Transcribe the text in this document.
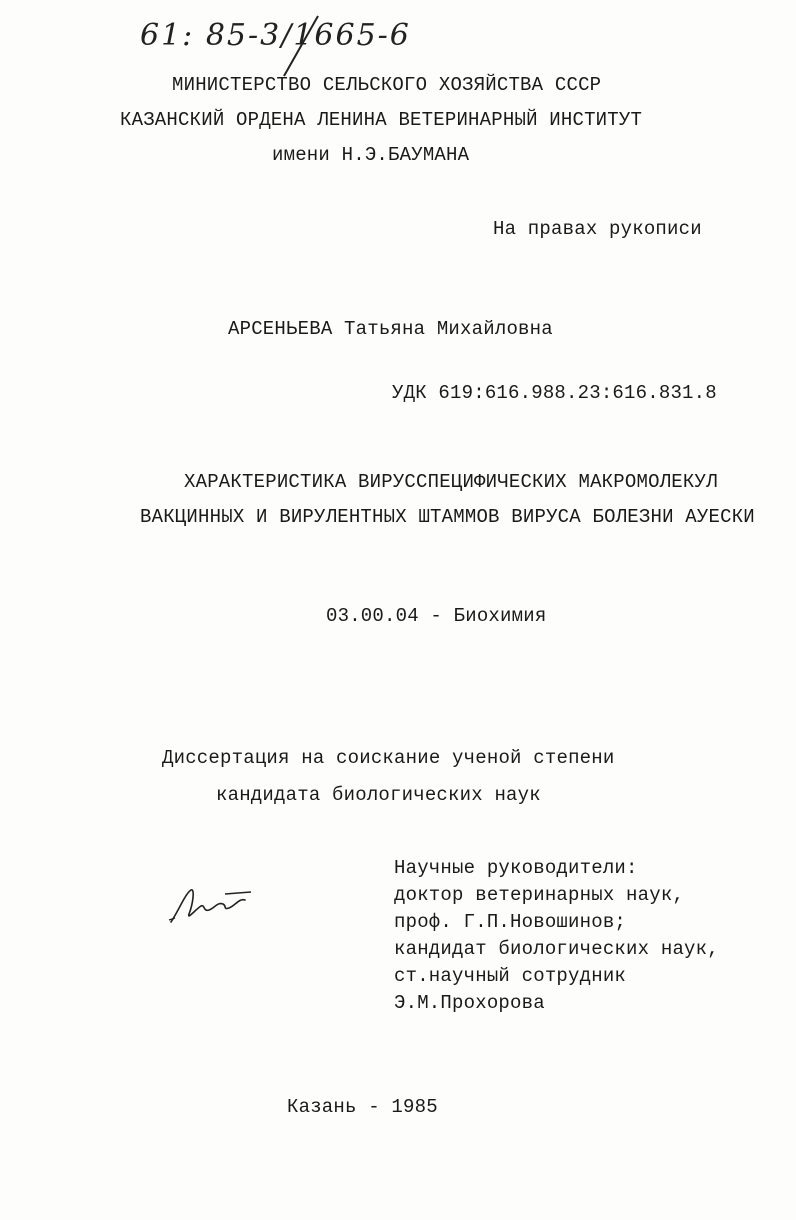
61: 85-3/1665-6
МИНИСТЕРСТВО СЕЛЬСКОГО ХОЗЯЙСТВА СССР
КАЗАНСКИЙ ОРДЕНА ЛЕНИНА ВЕТЕРИНАРНЫЙ ИНСТИТУТ
имени Н.Э.БАУМАНА
На правах рукописи
АРСЕНЬЕВА Татьяна Михайловна
УДК 619:616.988.23:616.831.8
ХАРАКТЕРИСТИКА ВИРУССПЕЦИФИЧЕСКИХ МАКРОМОЛЕКУЛ
ВАКЦИННЫХ И ВИРУЛЕНТНЫХ ШТАММОВ ВИРУСА БОЛЕЗНИ АУЕСКИ
03.00.04 - Биохимия
Диссертация на соискание ученой степени
кандидата биологических наук
Научные руководители:
доктор ветеринарных наук,
проф. Г.П.Новошинов;
кандидат биологических наук,
ст.научный сотрудник
Э.М.Прохорова
Казань - 1985
